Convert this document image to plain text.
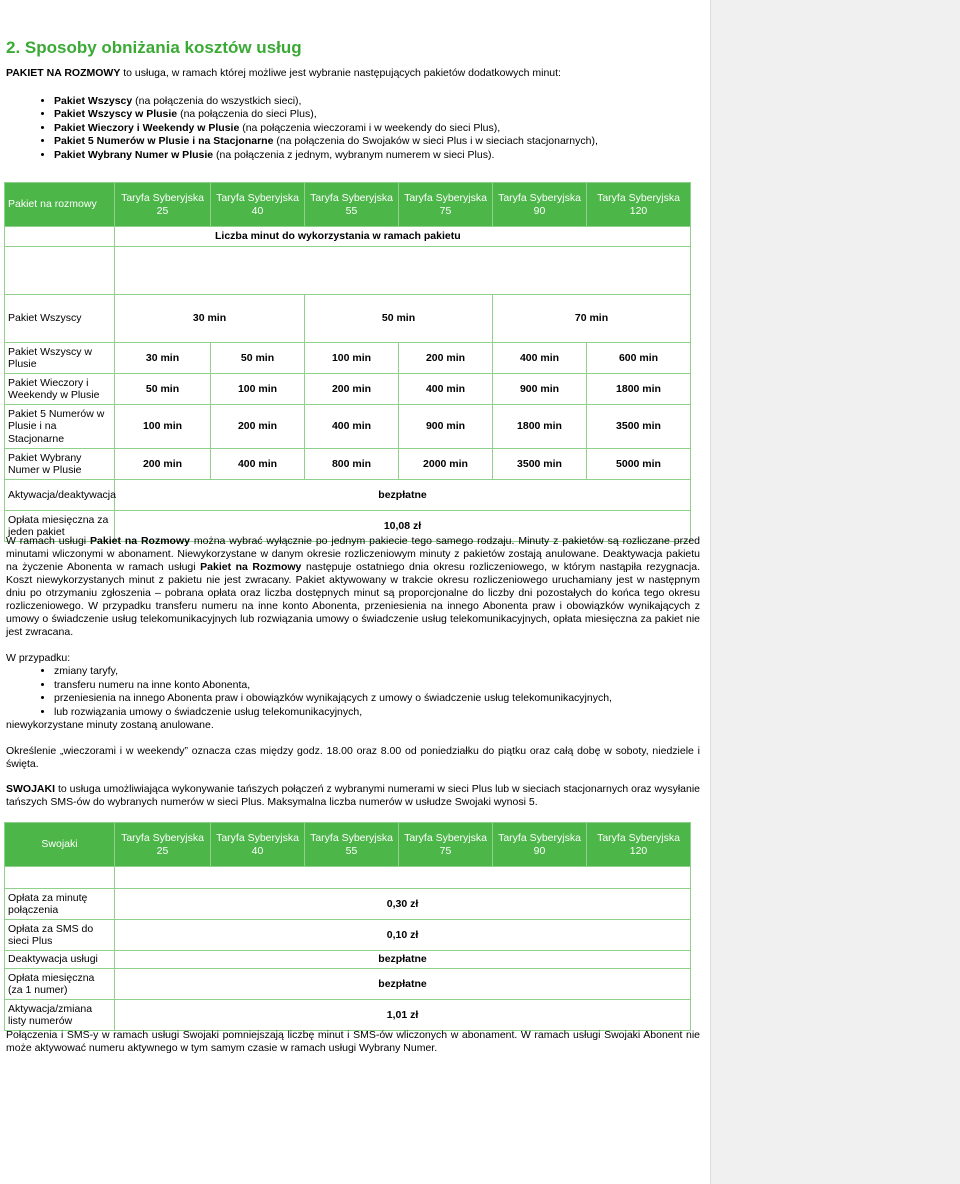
2. Sposoby obniżania kosztów usług
PAKIET NA ROZMOWY to usługa, w ramach której możliwe jest wybranie następujących pakietów dodatkowych minut:
• Pakiet Wszyscy (na połączenia do wszystkich sieci),
• Pakiet Wszyscy w Plusie (na połączenia do sieci Plus),
• Pakiet Wieczory i Weekendy w Plusie (na połączenia wieczorami i w weekendy do sieci Plus),
• Pakiet 5 Numerów w Plusie i na Stacjonarne (na połączenia do Swojaków w sieci Plus i w sieciach stacjonarnych),
• Pakiet Wybrany Numer w Plusie (na połączenia z jednym, wybranym numerem w sieci Plus).
Pakiet na rozmowy	Taryfa Syberyjska 25	Taryfa Syberyjska 40	Taryfa Syberyjska 55	Taryfa Syberyjska 75	Taryfa Syberyjska 90	Taryfa Syberyjska 120
	Liczba minut do wykorzystania w ramach pakietu					

Pakiet Wszyscy	30 min		50 min		70 min	
Pakiet Wszyscy w Plusie	30 min	50 min	100 min	200 min	400 min	600 min
Pakiet Wieczory i Weekendy w Plusie	50 min	100 min	200 min	400 min	900 min	1800 min
Pakiet 5 Numerów w Plusie i na Stacjonarne	100 min	200 min	400 min	900 min	1800 min	3500 min
Pakiet Wybrany Numer w Plusie	200 min	400 min	800 min	2000 min	3500 min	5000 min
Aktywacja/deaktywacja	bezpłatne					
Opłata miesięczna za jeden pakiet	10,08 zł					
W ramach usługi Pakiet na Rozmowy można wybrać wyłącznie po jednym pakiecie tego samego rodzaju. Minuty z pakietów są rozliczane przed minutami wliczonymi w abonament. Niewykorzystane w danym okresie rozliczeniowym minuty z pakietów zostają anulowane. Deaktywacja pakietu na życzenie Abonenta w ramach usługi Pakiet na Rozmowy następuje ostatniego dnia okresu rozliczeniowego, w którym nastąpiła rezygnacja. Koszt niewykorzystanych minut z pakietu nie jest zwracany. Pakiet aktywowany w trakcie okresu rozliczeniowego uruchamiany jest w następnym dniu po otrzymaniu zgłoszenia – pobrana opłata oraz liczba dostępnych minut są proporcjonalne do liczby dni pozostałych do końca tego okresu rozliczeniowego. W przypadku transferu numeru na inne konto Abonenta, przeniesienia na innego Abonenta praw i obowiązków wynikających z umowy o świadczenie usług telekomunikacyjnych lub rozwiązania umowy o świadczenie usług telekomunikacyjnych, opłata miesięczna za pakiet nie jest zwracana.
W przypadku:
• zmiany taryfy,
• transferu numeru na inne konto Abonenta,
• przeniesienia na innego Abonenta praw i obowiązków wynikających z umowy o świadczenie usług telekomunikacyjnych,
• lub rozwiązania umowy o świadczenie usług telekomunikacyjnych,
niewykorzystane minuty zostaną anulowane.
Określenie „wieczorami i w weekendy” oznacza czas między godz. 18.00 oraz 8.00 od poniedziałku do piątku oraz całą dobę w soboty, niedziele i święta.
SWOJAKI to usługa umożliwiająca wykonywanie tańszych połączeń z wybranymi numerami w sieci Plus lub w sieciach stacjonarnych oraz wysyłanie tańszych SMS-ów do wybranych numerów w sieci Plus. Maksymalna liczba numerów w usłudze Swojaki wynosi 5.
Swojaki	Taryfa Syberyjska 25	Taryfa Syberyjska 40	Taryfa Syberyjska 55	Taryfa Syberyjska 75	Taryfa Syberyjska 90	Taryfa Syberyjska 120

Opłata za minutę połączenia	0,30 zł					
Opłata za SMS do sieci Plus	0,10 zł					
Deaktywacja usługi	bezpłatne					
Opłata miesięczna (za 1 numer)	bezpłatne					
Aktywacja/zmiana listy numerów	1,01 zł					
Połączenia i SMS-y w ramach usługi Swojaki pomniejszają liczbę minut i SMS-ów wliczonych w abonament. W ramach usługi Swojaki Abonent nie może aktywować numeru aktywnego w tym samym czasie w ramach usługi Wybrany Numer.
